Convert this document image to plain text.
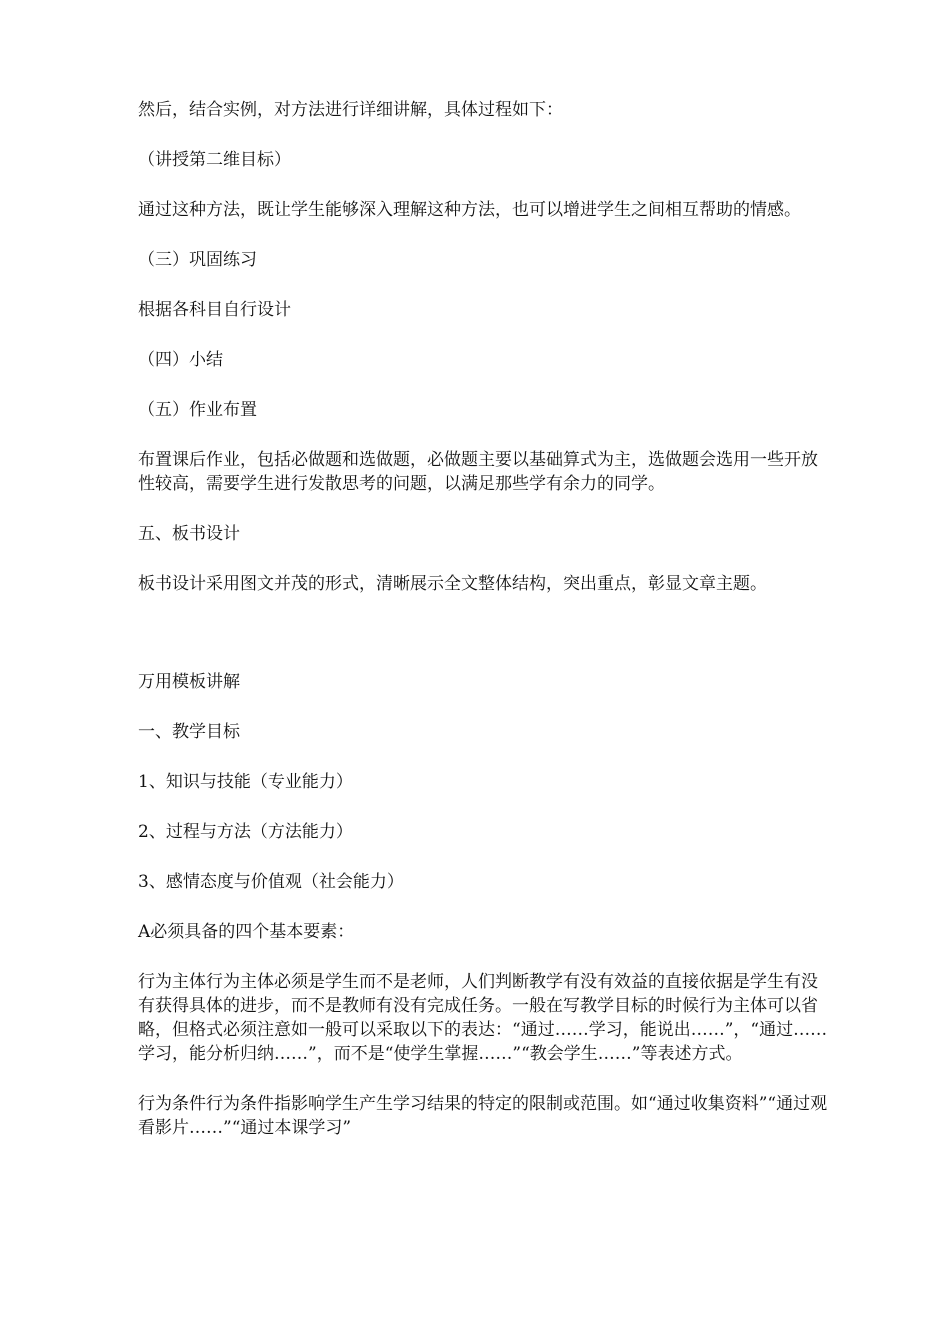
然后，结合实例，对方法进行详细讲解，具体过程如下：

（讲授第二维目标）

通过这种方法，既让学生能够深入理解这种方法，也可以增进学生之间相互帮助的情感。

（三）巩固练习

根据各科目自行设计

（四）小结

（五）作业布置

布置课后作业，包括必做题和选做题，必做题主要以基础算式为主，选做题会选用一些开放性较高，需要学生进行发散思考的问题，以满足那些学有余力的同学。

五、板书设计

板书设计采用图文并茂的形式，清晰展示全文整体结构，突出重点，彰显文章主题。

万用模板讲解

一、教学目标

1、知识与技能（专业能力）

2、过程与方法（方法能力）

3、感情态度与价值观（社会能力）

A必须具备的四个基本要素：

行为主体行为主体必须是学生而不是老师，人们判断教学有没有效益的直接依据是学生有没有获得具体的进步，而不是教师有没有完成任务。一般在写教学目标的时候行为主体可以省略，但格式必须注意如一般可以采取以下的表达：“通过……学习，能说出……”，“通过……学习，能分析归纳……”，而不是“使学生掌握……”“教会学生……”等表述方式。

行为条件行为条件指影响学生产生学习结果的特定的限制或范围。如“通过收集资料”“通过观看影片……”“通过本课学习”
